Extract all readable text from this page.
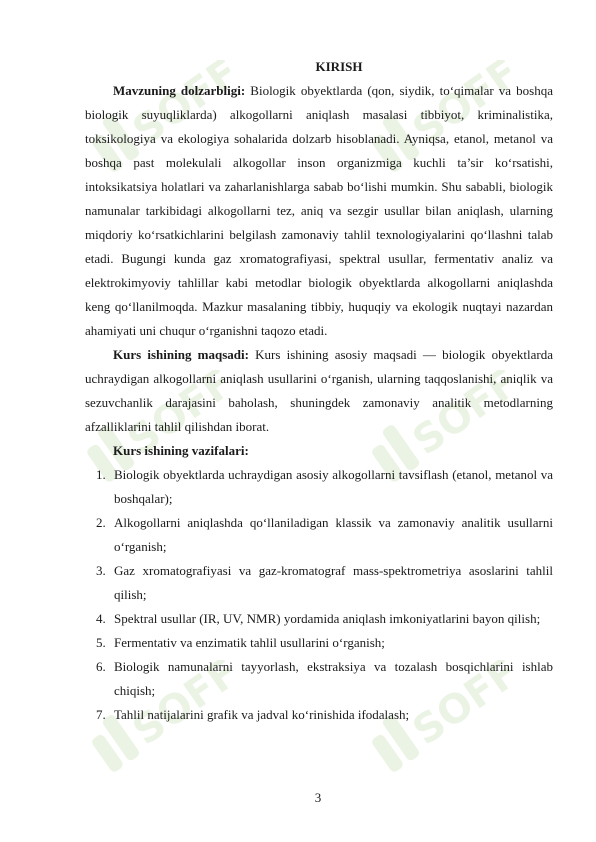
SOFF	SOFF
SOFF	SOFF
SOFF	SOFF
KIRISH

Mavzuning dolzarbligi: Biologik obyektlarda (qon, siydik, to‘qimalar va boshqa biologik suyuqliklarda) alkogollarni aniqlash masalasi tibbiyot, kriminalistika, toksikologiya va ekologiya sohalarida dolzarb hisoblanadi. Ayniqsa, etanol, metanol va boshqa past molekulali alkogollar inson organizmiga kuchli ta’sir ko‘rsatishi, intoksikatsiya holatlari va zaharlanishlarga sabab bo‘lishi mumkin. Shu sababli, biologik namunalar tarkibidagi alkogollarni tez, aniq va sezgir usullar bilan aniqlash, ularning miqdoriy ko‘rsatkichlarini belgilash zamonaviy tahlil texnologiyalarini qo‘llashni talab etadi. Bugungi kunda gaz xromatografiyasi, spektral usullar, fermentativ analiz va elektrokimyoviy tahlillar kabi metodlar biologik obyektlarda alkogollarni aniqlashda keng qo‘llanilmoqda. Mazkur masalaning tibbiy, huquqiy va ekologik nuqtayi nazardan ahamiyati uni chuqur o‘rganishni taqozo etadi.

Kurs ishining maqsadi: Kurs ishining asosiy maqsadi — biologik obyektlarda uchraydigan alkogollarni aniqlash usullarini o‘rganish, ularning taqqoslanishi, aniqlik va sezuvchanlik darajasini baholash, shuningdek zamonaviy analitik metodlarning afzalliklarini tahlil qilishdan iborat.

Kurs ishining vazifalari:
1. Biologik obyektlarda uchraydigan asosiy alkogollarni tavsiflash (etanol, metanol va boshqalar);
2. Alkogollarni aniqlashda qo‘llaniladigan klassik va zamonaviy analitik usullarni o‘rganish;
3. Gaz xromatografiyasi va gaz-kromatograf mass-spektrometriya asoslarini tahlil qilish;
4. Spektral usullar (IR, UV, NMR) yordamida aniqlash imkoniyatlarini bayon qilish;
5. Fermentativ va enzimatik tahlil usullarini o‘rganish;
6. Biologik namunalarni tayyorlash, ekstraksiya va tozalash bosqichlarini ishlab chiqish;
7. Tahlil natijalarini grafik va jadval ko‘rinishida ifodalash;
3
